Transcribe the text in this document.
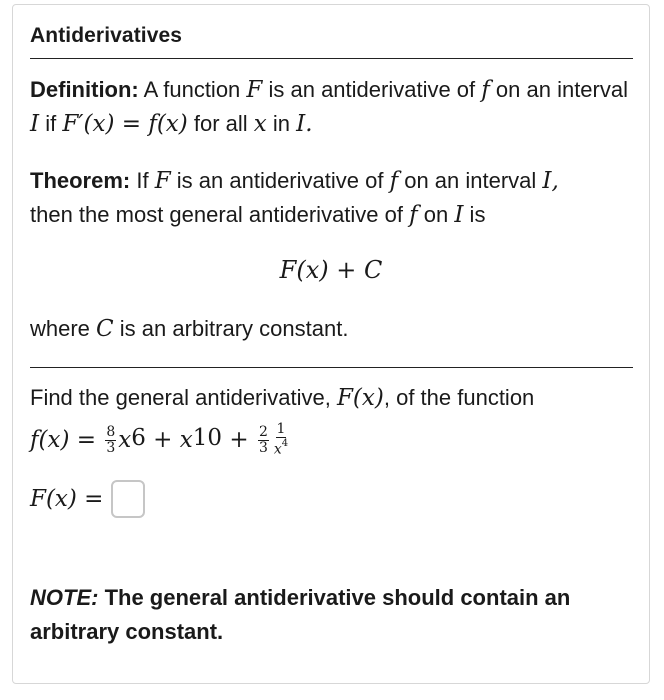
Antiderivatives
Definition: A function F is an antiderivative of f on an interval
I if F′(x) = f(x) for all x in I.
Theorem: If F is an antiderivative of f on an interval I,
then the most general antiderivative of f on I is
F(x) + C
where C is an arbitrary constant.
Find the general antiderivative, F(x), of the function
$f(x) = \frac{8}{3} x^6 + x^{10} + \frac{2}{3} \frac{1}{x^4}$
F(x) =
NOTE: The general antiderivative should contain an arbitrary constant.
